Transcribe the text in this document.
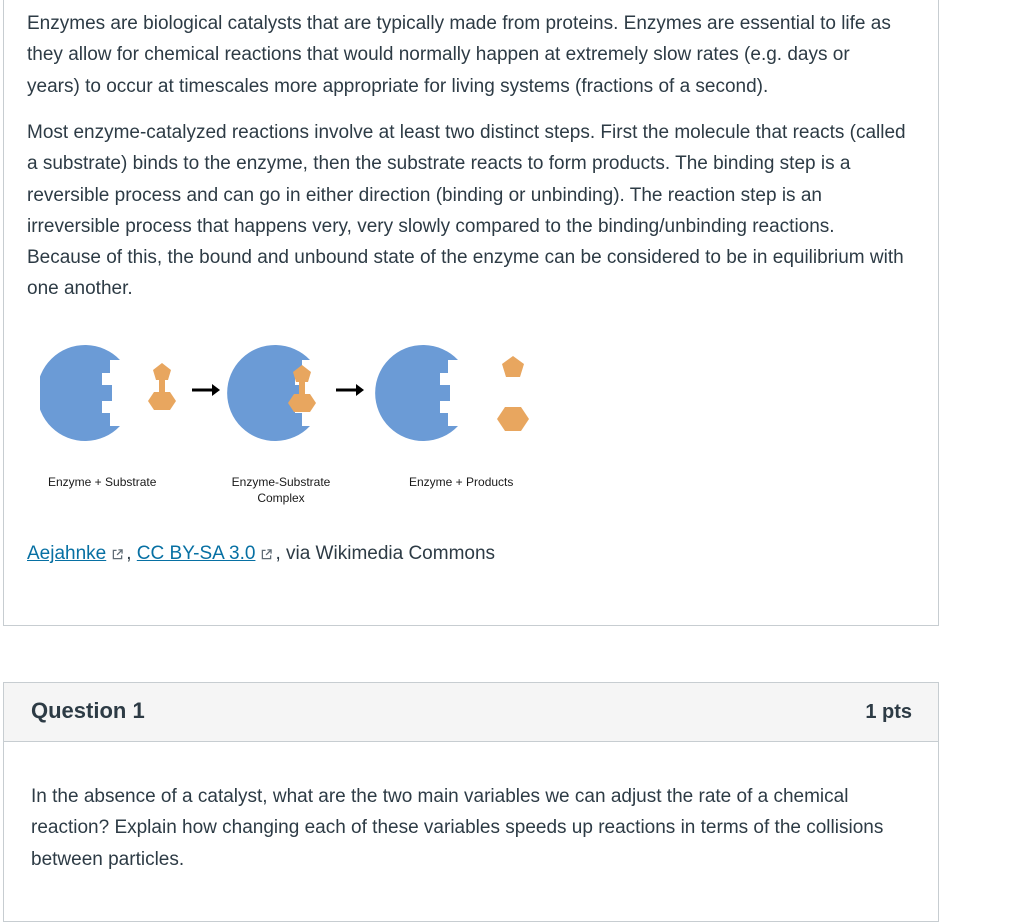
Enzymes are biological catalysts that are typically made from proteins. Enzymes are essential to life as they allow for chemical reactions that would normally happen at extremely slow rates (e.g. days or years) to occur at timescales more appropriate for living systems (fractions of a second).

Most enzyme-catalyzed reactions involve at least two distinct steps. First the molecule that reacts (called a substrate) binds to the enzyme, then the substrate reacts to form products. The binding step is a reversible process and can go in either direction (binding or unbinding). The reaction step is an irreversible process that happens very, very slowly compared to the binding/unbinding reactions. Because of this, the bound and unbound state of the enzyme can be considered to be in equilibrium with one another.

Enzyme + Substrate	Enzyme-Substrate
Complex
Enzyme + Products
Aejahnke , CC BY-SA 3.0 , via Wikimedia Commons
Question 1	1 pts

In the absence of a catalyst, what are the two main variables we can adjust the rate of a chemical reaction? Explain how changing each of these variables speeds up reactions in terms of the collisions between particles.
